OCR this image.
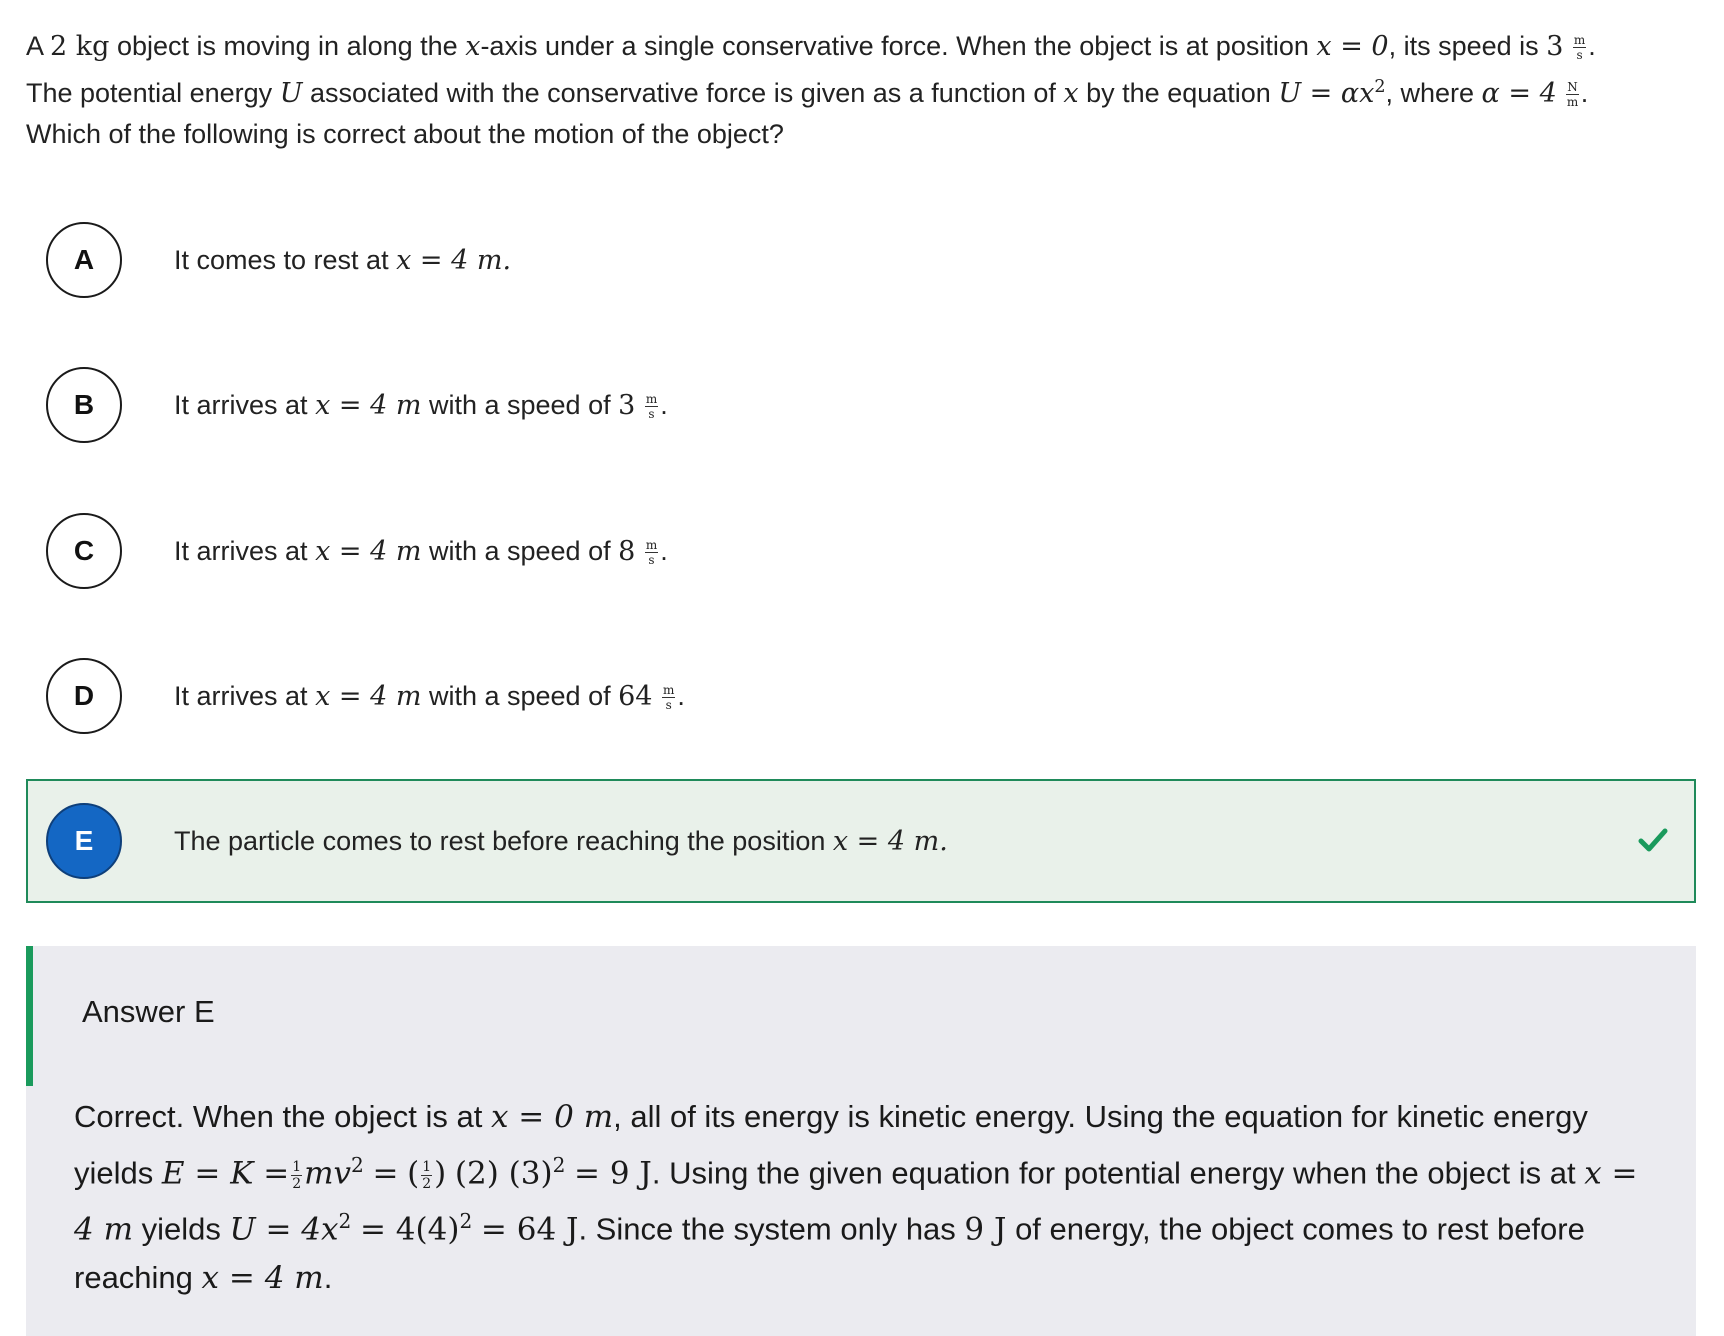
A 2 kg object is moving in along the x-axis under a single conservative force. When the object is at position x = 0, its speed is $3 \frac{m}{s}$ .
The potential energy U associated with the conservative force is given as a function of x by the equation $U = \alpha x^2$, where $\alpha = 4 \frac{N}{m}$ .
Which of the following is correct about the motion of the object?
A	It comes to rest at x = 4 m.
B	It arrives at x = 4 m with a speed of $3 \frac{m}{s}$ .
C	It arrives at x = 4 m with a speed of $8 \frac{m}{s}$ .
D	It arrives at x = 4 m with a speed of $64 \frac{m}{s}$ .
E	The particle comes to rest before reaching the position x = 4 m.
Answer E
Correct. When the object is at x = 0 m, all of its energy is kinetic energy. Using the equation for kinetic energy yields $E = K = \frac{1}{2} mv^2$ = ( $\frac{1}{2}$ ) (2) $(3)^2 = 9$ J. Using the given equation for potential energy when the object is at x = 4 m yields $U = 4x^2 = 4(4)^2 = 64$ J. Since the system only has 9 J of energy, the object comes to rest before reaching x = 4 m.
